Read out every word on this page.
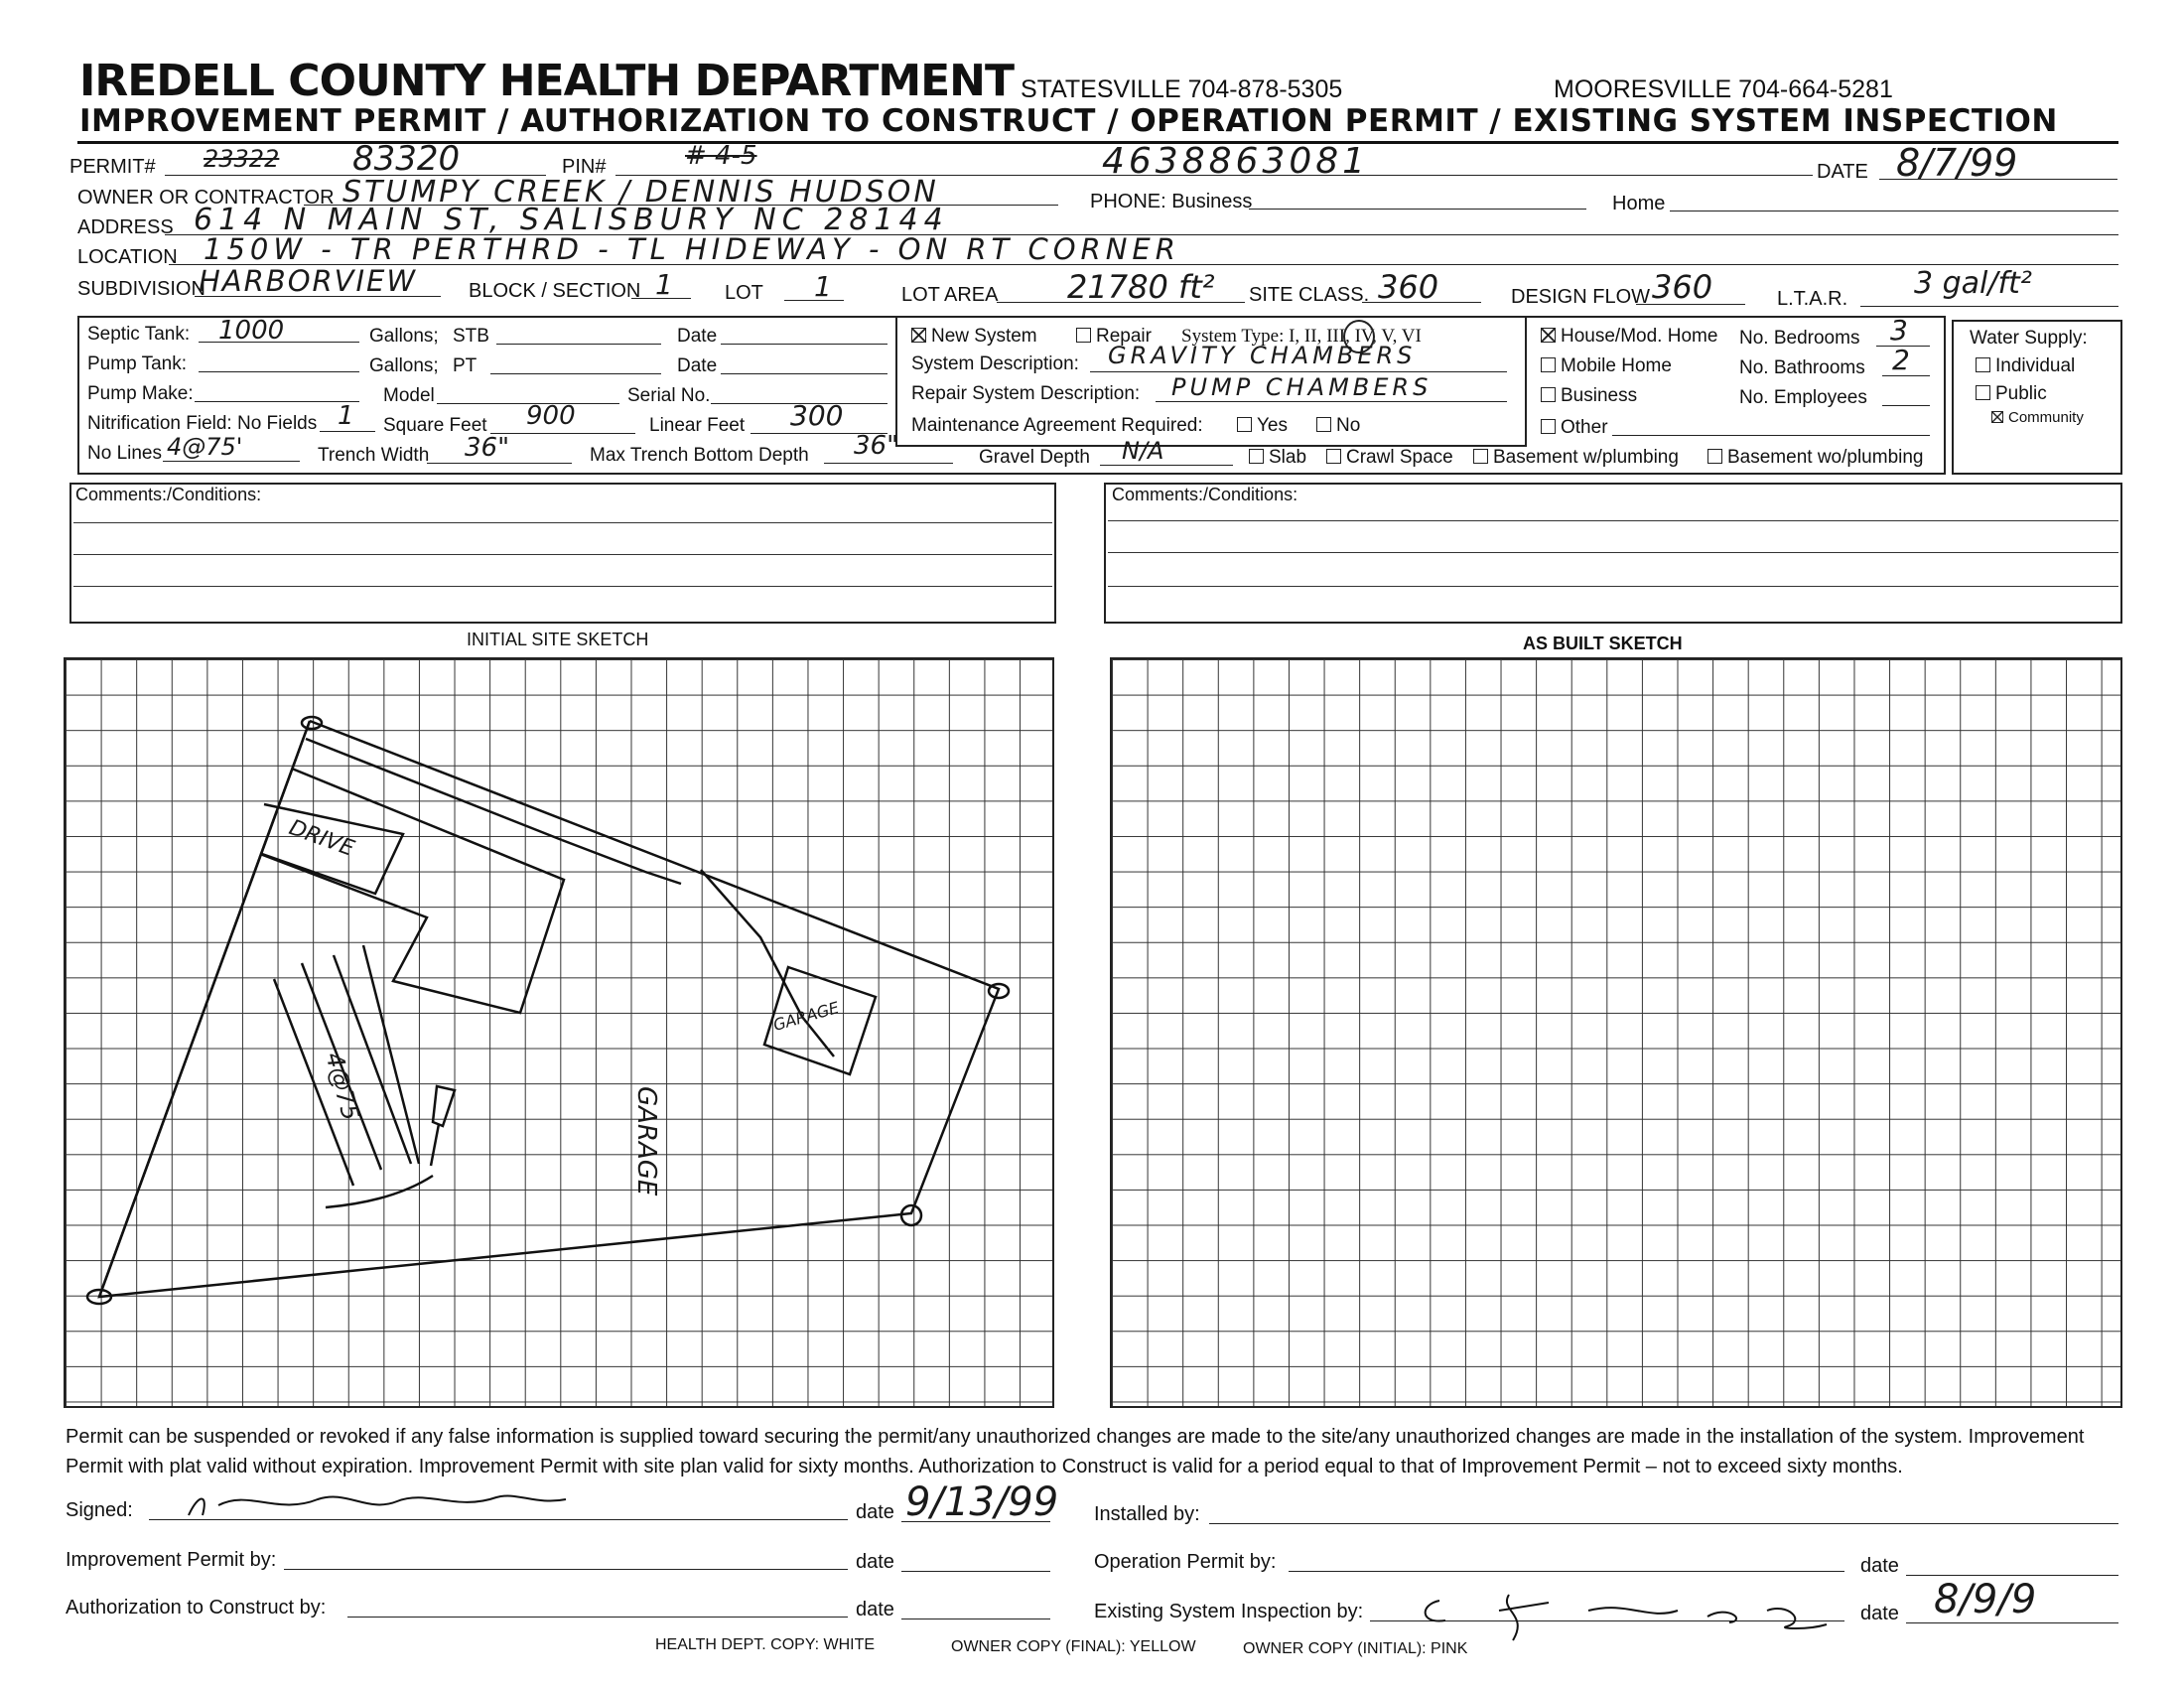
IREDELL COUNTY HEALTH DEPARTMENT STATESVILLE 704-878-5305	MOORESVILLE 704-664-5281
IMPROVEMENT PERMIT / AUTHORIZATION TO CONSTRUCT / OPERATION PERMIT / EXISTING SYSTEM INSPECTION
PERMIT# 23322 83320	PIN#	# 4-5	4638863081	DATE 8/7/99
OWNER OR CONTRACTOR STUMPY CREEK / DENNIS HUDSON	PHONE: Business	Home
ADDRESS 614 N MAIN ST, SALISBURY NC 28144
LOCATION 150W - TR PERTHRD - TL HIDEWAY - ON RT CORNER
SUBDIVISION
HARBORVIEW	BLOCK / SECTION 1	LOT 1	LOT AREA 21780 ft² SITE CLASS. 360	DESIGN FLOW 360	L.T.A.R. 3 gal/ft²
Septic Tank: 1000	Gallons; STB	Date
Pump Tank:	Gallons; PT	Date
Pump Make:	Model	Serial No.
Nitrification Field: No Fields 1 Square Feet 900	Linear Feet 300
No Lines 4@75'	Trench Width 36"	Max Trench Bottom Depth 36"
New System	Repair System Type: I, II, III, IV, V, VI
System Description: GRAVITY CHAMBERS
Repair System Description: PUMP CHAMBERS
Maintenance Agreement Required:	Yes	No
Gravel Depth N/A	Slab	Crawl Space	Basement w/plumbing	Basement wo/plumbing
House/Mod. Home
Mobile Home
Business
Other
No. Bedrooms 3
No. Bathrooms 2
No. Employees
Water Supply:
Individual
Public
Community
Comments:/Conditions:	Comments:/Conditions:
INITIAL SITE SKETCH	AS BUILT SKETCH
DRIVE
GARAGE
4@75	GARAGE
Permit can be suspended or revoked if any false information is supplied toward securing the permit/any unauthorized changes are made to the site/any unauthorized changes are made in the installation of the system. Improvement
Permit with plat valid without expiration. Improvement Permit with site plan valid for sixty months. Authorization to Construct is valid for a period equal to that of Improvement Permit – not to exceed sixty months.
Signed:	date 9/13/99 Installed by:
Improvement Permit by:	date	Operation Permit by:	date
Authorization to Construct by:	date	Existing System Inspection by:	date 8/9/9
HEALTH DEPT. COPY: WHITE	OWNER COPY (FINAL): YELLOW	OWNER COPY (INITIAL): PINK
